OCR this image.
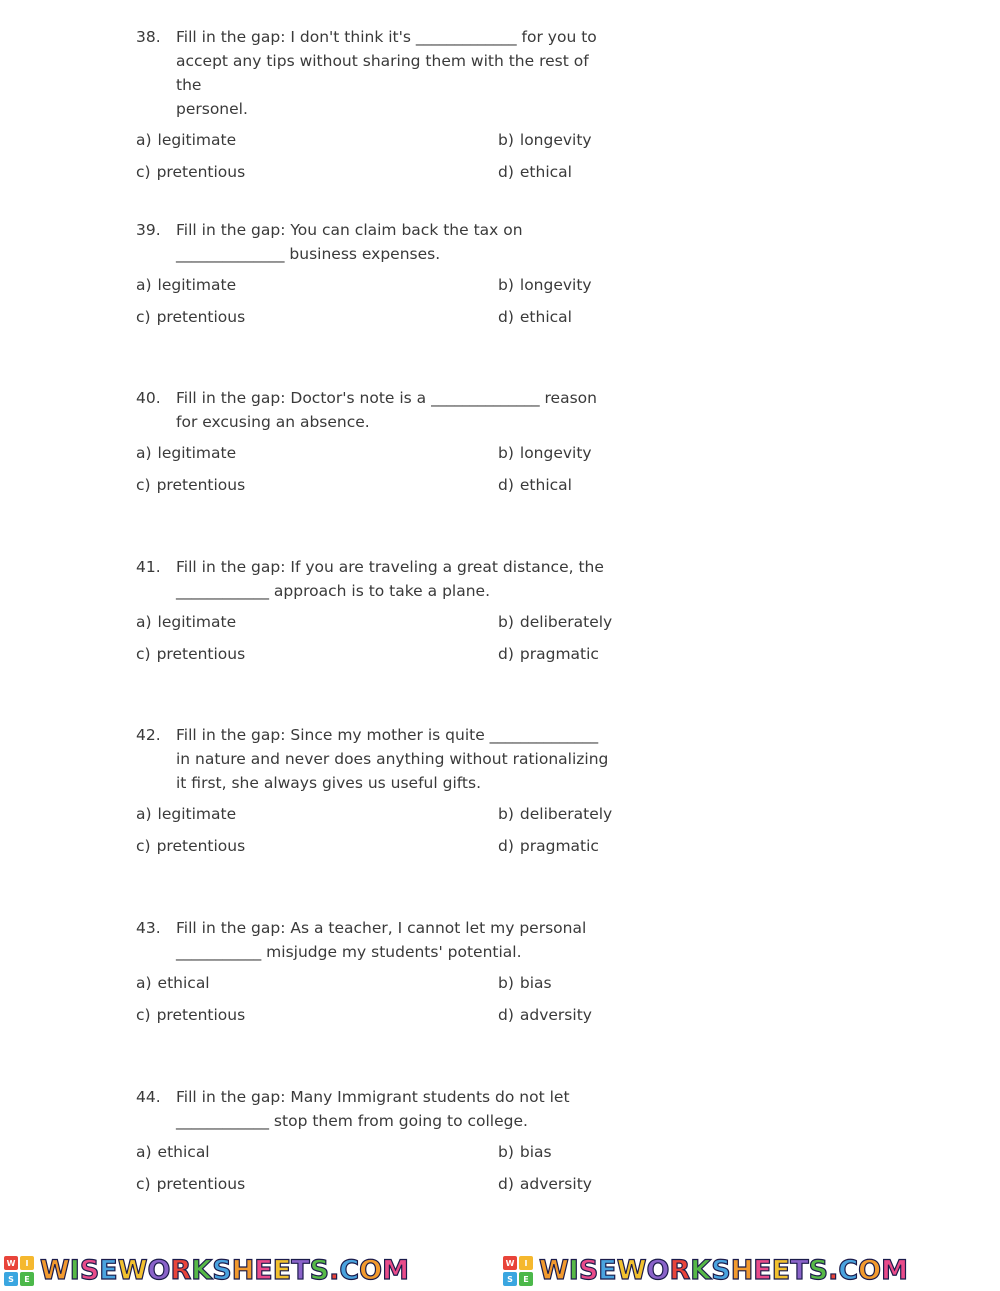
38. Fill in the gap: I don't think it's _____________ for you to
accept any tips without sharing them with the rest of the
personel.
a) legitimate	b) longevity
c) pretentious	d) ethical
39. Fill in the gap: You can claim back the tax on
______________ business expenses.
a) legitimate	b) longevity
c) pretentious	d) ethical
40. Fill in the gap: Doctor's note is a ______________ reason
for excusing an absence.
a) legitimate	b) longevity
c) pretentious	d) ethical
41. Fill in the gap: If you are traveling a great distance, the
____________ approach is to take a plane.
a) legitimate	b) deliberately
c) pretentious	d) pragmatic
42. Fill in the gap: Since my mother is quite ______________
in nature and never does anything without rationalizing
it first, she always gives us useful gifts.
a) legitimate	b) deliberately
c) pretentious	d) pragmatic
43. Fill in the gap: As a teacher, I cannot let my personal
___________ misjudge my students' potential.
a) ethical	b) bias
c) pretentious	d) adversity
44. Fill in the gap: Many Immigrant students do not let
____________ stop them from going to college.
a) ethical	b) bias
c) pretentious	d) adversity
W	I
S	E W I S E W O R K S H E E T S . C O M	W	I
S	E W I S E W O R K S H E E T S . C O M
